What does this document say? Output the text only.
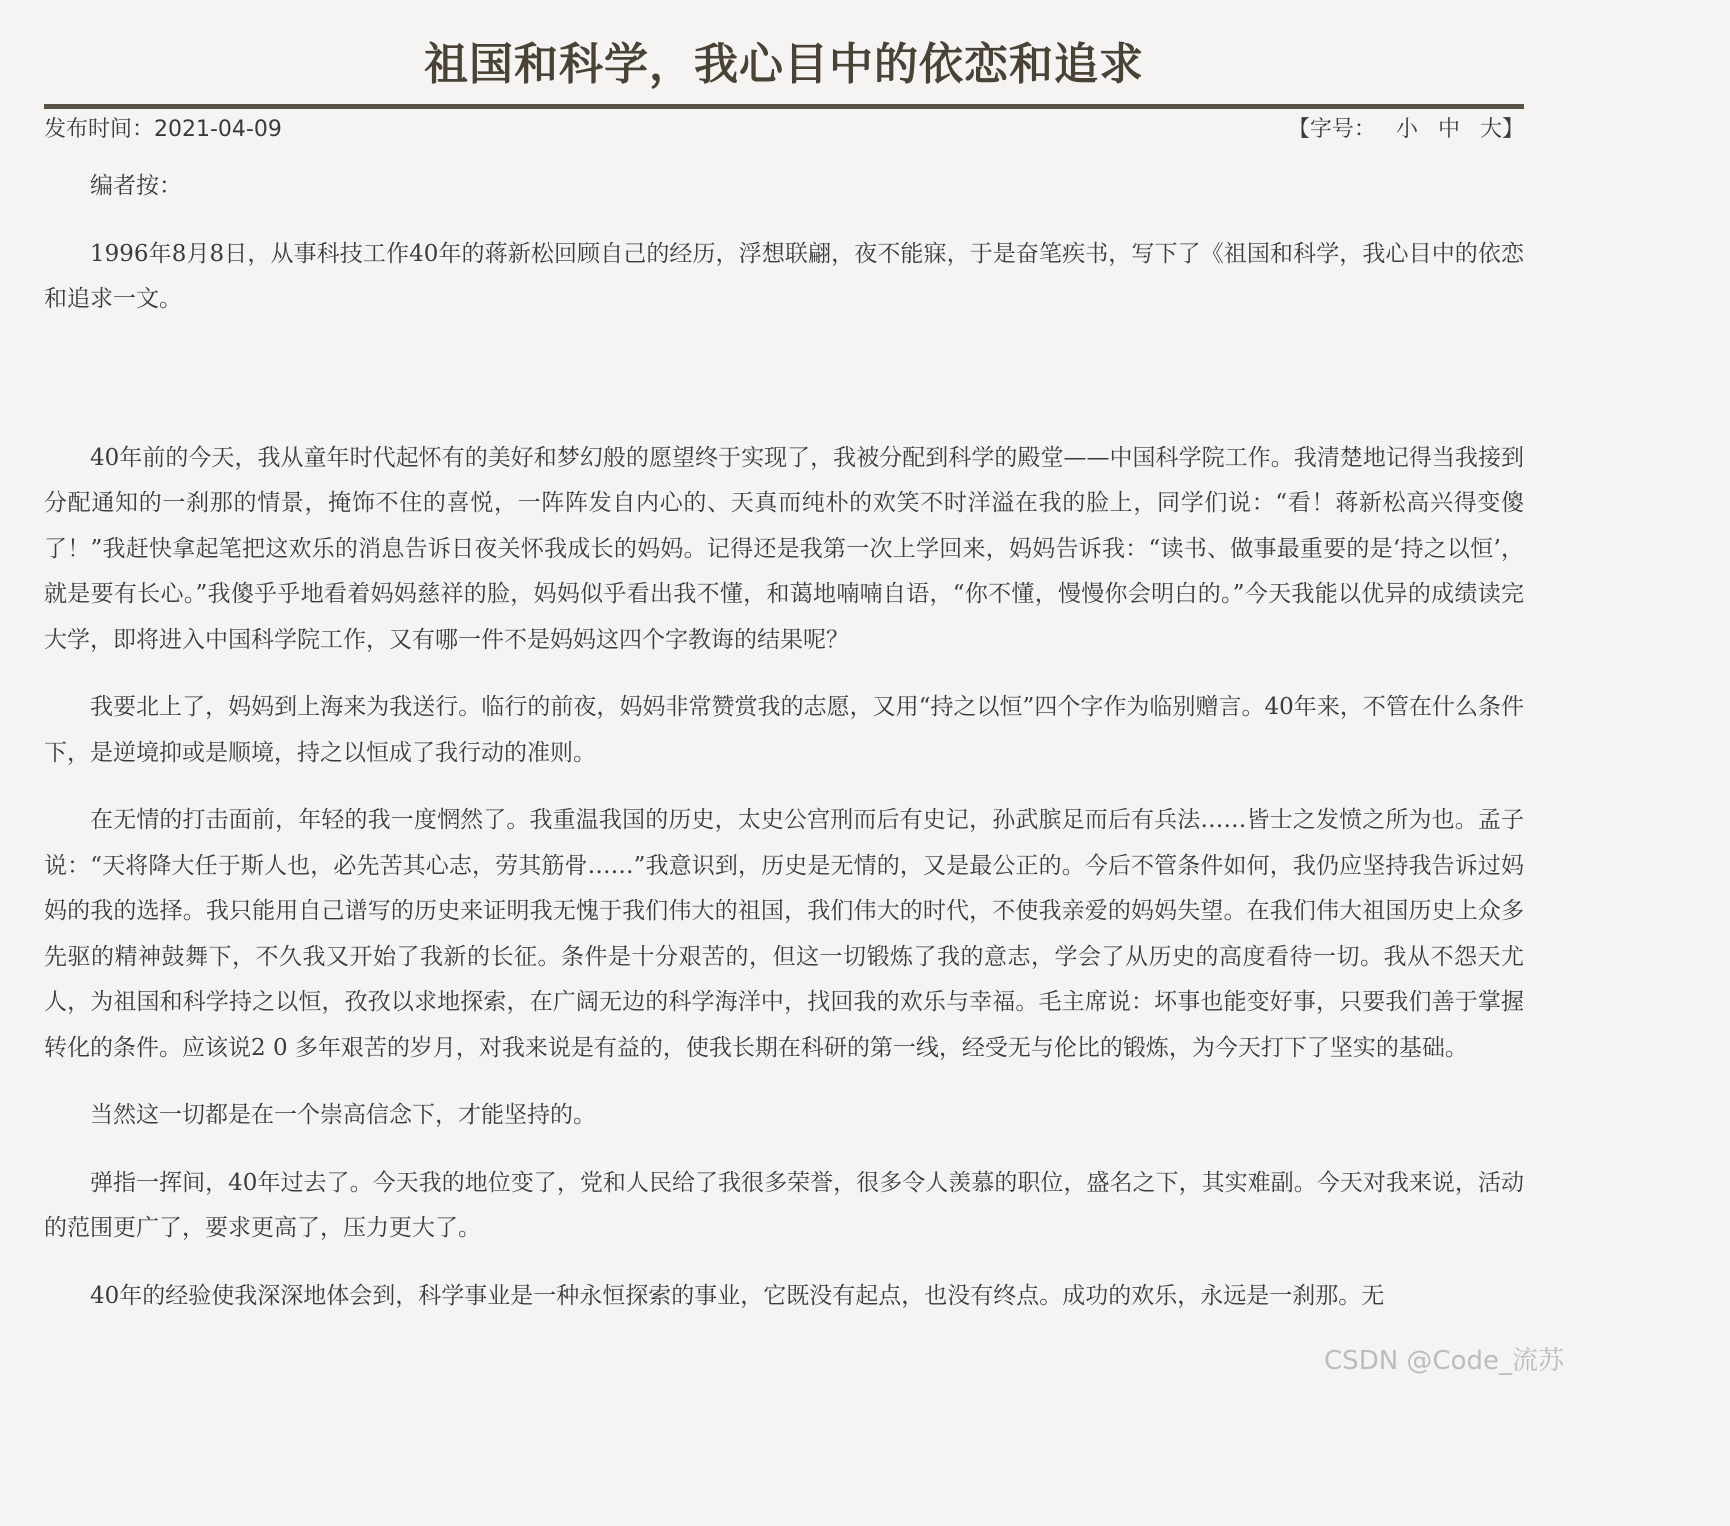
祖国和科学，我心目中的依恋和追求
发布时间：2021-04-09	【字号： 小 中 大】

编者按：

1996年8月8日，从事科技工作40年的蒋新松回顾自己的经历，浮想联翩，夜不能寐，于是奋笔疾书，写下了《祖国和科学，我心目中的依恋和追求一文。

40年前的今天，我从童年时代起怀有的美好和梦幻般的愿望终于实现了，我被分配到科学的殿堂——中国科学院工作。我清楚地记得当我接到分配通知的一刹那的情景，掩饰不住的喜悦，一阵阵发自内心的、天真而纯朴的欢笑不时洋溢在我的脸上，同学们说：“看！蒋新松高兴得变傻了！”我赶快拿起笔把这欢乐的消息告诉日夜关怀我成长的妈妈。记得还是我第一次上学回来，妈妈告诉我：“读书、做事最重要的是‘持之以恒’，就是要有长心。”我傻乎乎地看着妈妈慈祥的脸，妈妈似乎看出我不懂，和蔼地喃喃自语，“你不懂，慢慢你会明白的。”今天我能以优异的成绩读完大学，即将进入中国科学院工作，又有哪一件不是妈妈这四个字教诲的结果呢？

我要北上了，妈妈到上海来为我送行。临行的前夜，妈妈非常赞赏我的志愿，又用“持之以恒”四个字作为临别赠言。40年来，不管在什么条件下，是逆境抑或是顺境，持之以恒成了我行动的准则。

在无情的打击面前，年轻的我一度惘然了。我重温我国的历史，太史公宫刑而后有史记，孙武膑足而后有兵法……皆士之发愤之所为也。孟子说：“天将降大任于斯人也，必先苦其心志，劳其筋骨……”我意识到，历史是无情的，又是最公正的。今后不管条件如何，我仍应坚持我告诉过妈妈的我的选择。我只能用自己谱写的历史来证明我无愧于我们伟大的祖国，我们伟大的时代，不使我亲爱的妈妈失望。在我们伟大祖国历史上众多先驱的精神鼓舞下，不久我又开始了我新的长征。条件是十分艰苦的，但这一切锻炼了我的意志，学会了从历史的高度看待一切。我从不怨天尤人，为祖国和科学持之以恒，孜孜以求地探索，在广阔无边的科学海洋中，找回我的欢乐与幸福。毛主席说：坏事也能变好事，只要我们善于掌握转化的条件。应该说2 0 多年艰苦的岁月，对我来说是有益的，使我长期在科研的第一线，经受无与伦比的锻炼，为今天打下了坚实的基础。

当然这一切都是在一个崇高信念下，才能坚持的。

弹指一挥间，40年过去了。今天我的地位变了，党和人民给了我很多荣誉，很多令人羡慕的职位，盛名之下，其实难副。今天对我来说，活动的范围更广了，要求更高了，压力更大了。

40年的经验使我深深地体会到，科学事业是一种永恒探索的事业，它既没有起点，也没有终点。成功的欢乐，永远是一刹那。无

CSDN @Code_流苏
